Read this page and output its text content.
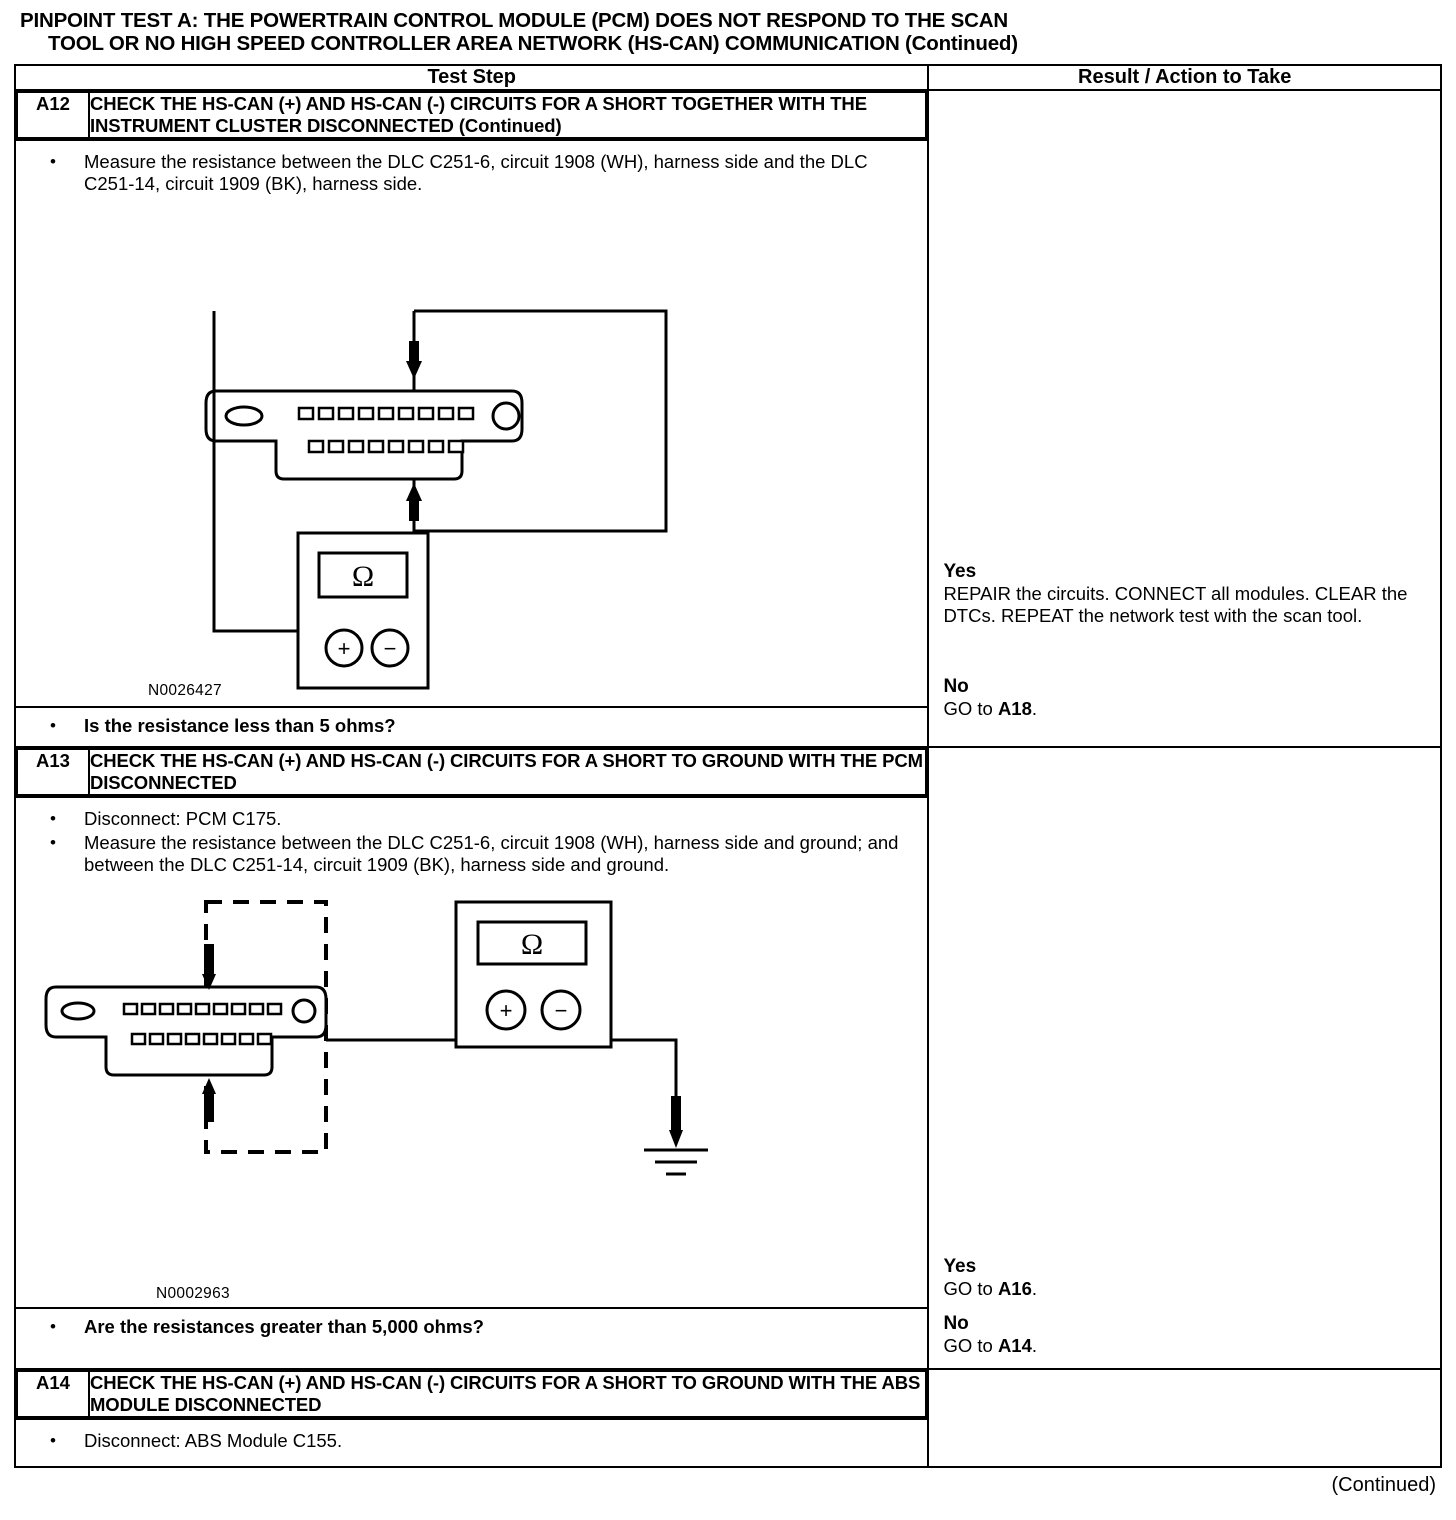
PINPOINT TEST A: THE POWERTRAIN CONTROL MODULE (PCM) DOES NOT RESPOND TO THE SCAN
TOOL OR NO HIGH SPEED CONTROLLER AREA NETWORK (HS-CAN) COMMUNICATION (Continued)
Test Step	Result / Action to Take

A12	CHECK THE HS-CAN (+) AND HS-CAN (-) CIRCUITS FOR A SHORT TOGETHER WITH THE INSTRUMENT CLUSTER DISCONNECTED (Continued)
•	Measure the resistance between the DLC C251-6, circuit 1908 (WH), harness side and the DLC C251-14, circuit 1909 (BK), harness side.
Ω
+ −
N0026427
•	Is the resistance less than 5 ohms?

Yes
REPAIR the circuits. CONNECT all modules. CLEAR the DTCs. REPEAT the network test with the scan tool.
No
GO to A18.

A13	CHECK THE HS-CAN (+) AND HS-CAN (-) CIRCUITS FOR A SHORT TO GROUND WITH THE PCM DISCONNECTED
•	Disconnect: PCM C175.
•	Measure the resistance between the DLC C251-6, circuit 1908 (WH), harness side and ground; and between the DLC C251-14, circuit 1909 (BK), harness side and ground.
Ω
+ −
N0002963
•	Are the resistances greater than 5,000 ohms?

Yes
GO to A16.
No
GO to A14.

A14	CHECK THE HS-CAN (+) AND HS-CAN (-) CIRCUITS FOR A SHORT TO GROUND WITH THE ABS MODULE DISCONNECTED
•	Disconnect: ABS Module C155.

(Continued)
